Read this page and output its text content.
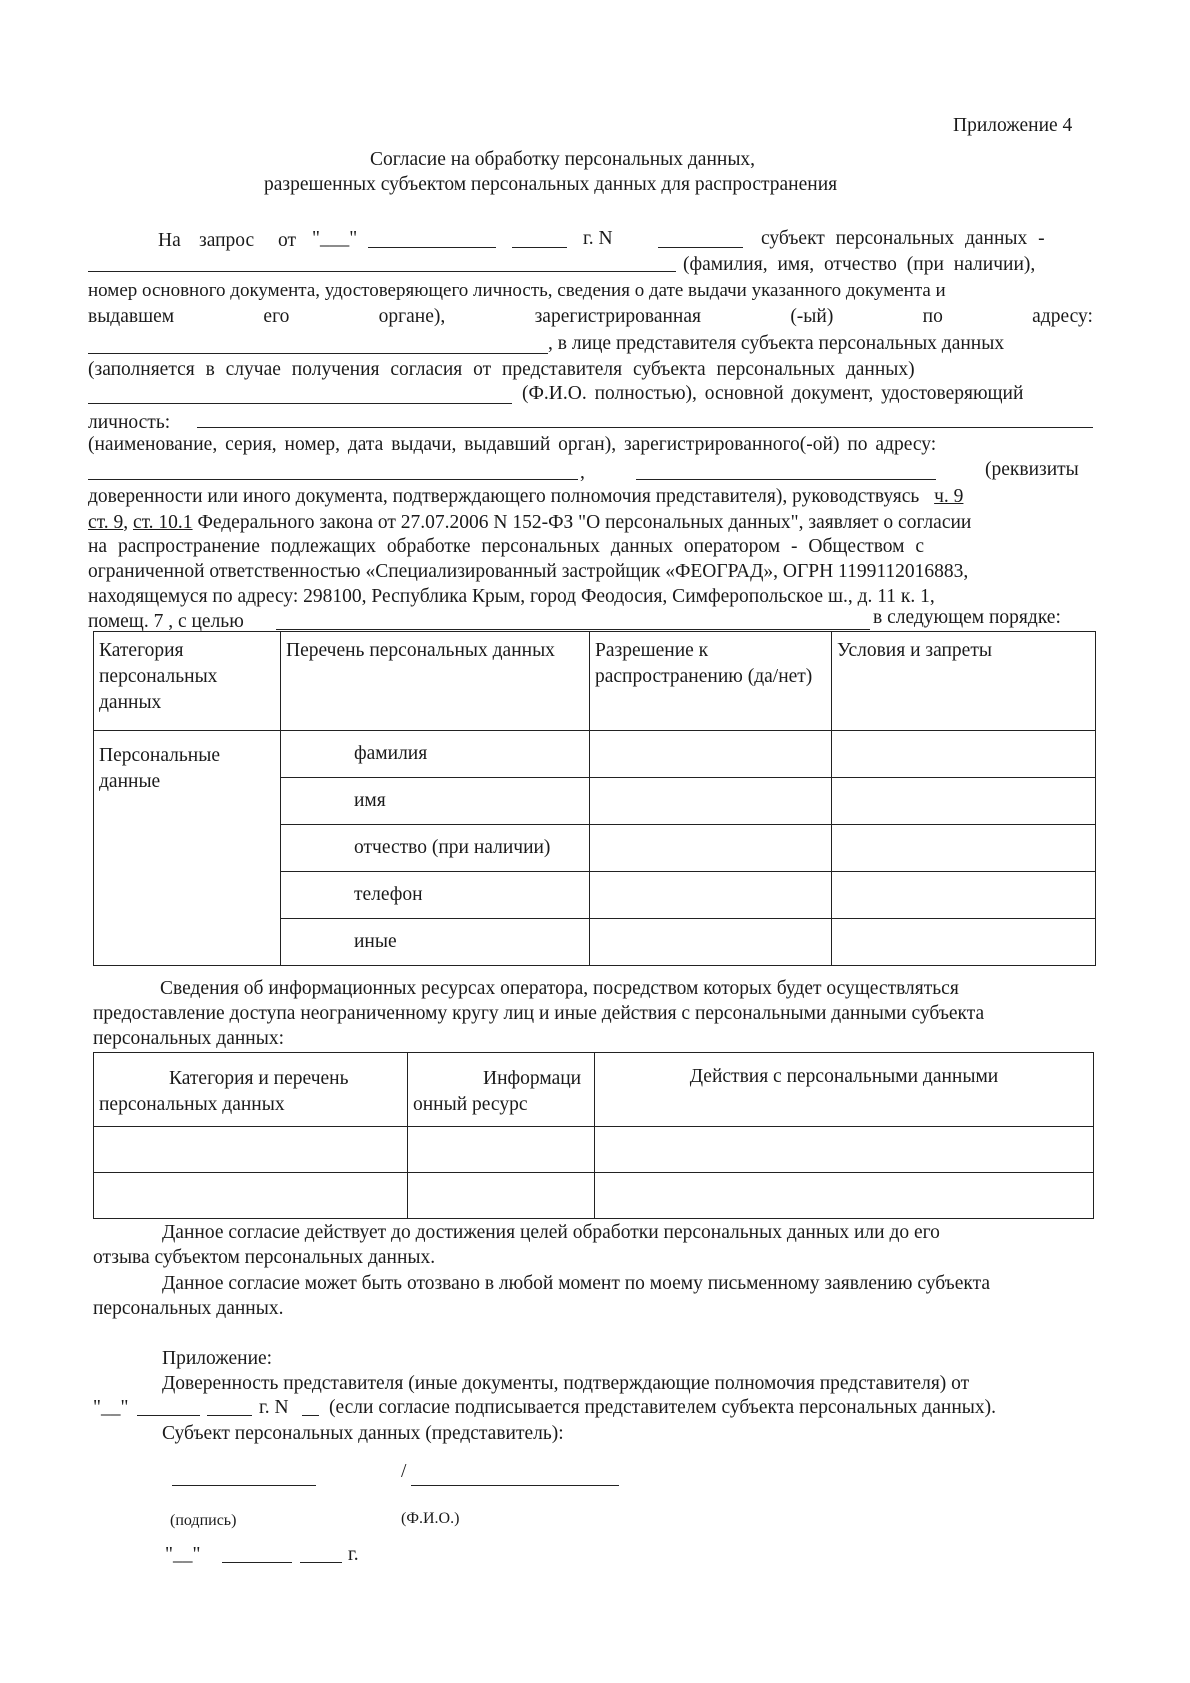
Приложение 4
Согласие на обработку персональных данных,
разрешенных субъектом персональных данных для распространения
На запрос от "___"	г. N	субъект персональных данных -
(фамилия, имя, отчество (при наличии),
номер основного документа, удостоверяющего личность, сведения о дате выдачи указанного документа и
выдавшем	его	органе),	зарегистрированная	(-ый)	по	адресу:
, в лице представителя субъекта персональных данных
(заполняется в случае получения согласия от представителя субъекта персональных данных)
(Ф.И.О. полностью), основной документ, удостоверяющий
личность:
(наименование, серия, номер, дата выдачи, выдавший орган), зарегистрированного(-ой) по адресу:
,	(реквизиты
доверенности или иного документа, подтверждающего полномочия представителя), руководствуясь ч. 9
ст. 9, ст. 10.1 Федерального закона от 27.07.2006 N 152-ФЗ "О персональных данных", заявляет о согласии
на распространение подлежащих обработке персональных данных оператором - Обществом с
ограниченной ответственностью «Специализированный застройщик «ФЕОГРАД», ОГРН 1199112016883,
находящемуся по адресу: 298100, Республика Крым, город Феодосия, Симферопольское ш., д. 11 к. 1,
помещ. 7 , с целью	в следующем порядке:
Категория персональных данных	Перечень персональных данных	Разрешение к распространению (да/нет)	Условия и запреты
Персональные данные	фамилия		
	имя		
	отчество (при наличии)		
	телефон		
	иные		
Сведения об информационных ресурсах оператора, посредством которых будет осуществляться
предоставление доступа неограниченному кругу лиц и иные действия с персональными данными субъекта
персональных данных:
Категория и перечень персональных данных	Информационный ресурс	Действия с персональными данными

Данное согласие действует до достижения целей обработки персональных данных или до его
отзыва субъектом персональных данных.
Данное согласие может быть отозвано в любой момент по моему письменному заявлению субъекта
персональных данных.
Приложение:
Доверенность представителя (иные документы, подтверждающие полномочия представителя) от
"__"	г. N (если согласие подписывается представителем субъекта персональных данных).
Субъект персональных данных (представитель):
/
(подпись)	(Ф.И.О.)
"__"	г.
